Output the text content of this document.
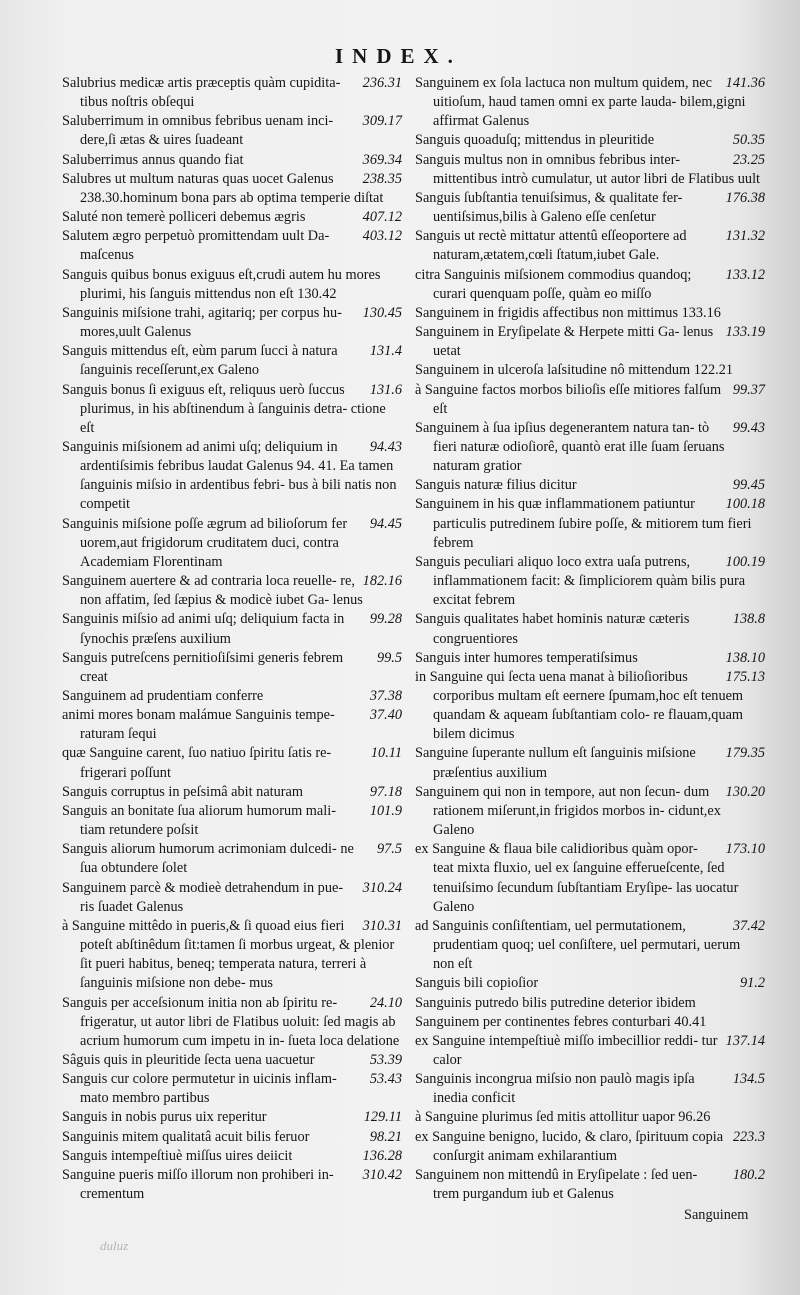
INDEX.

236.31
Salubrius medicæ artis præceptis quàm cupidita- tibus noſtris obſequi

309.17
Saluberrimum in omnibus febribus uenam inci- dere,ſi ætas & uires ſuadeant

369.34
Saluberrimus annus quando fiat

238.35
Salubres ut multum naturas quas uocet Galenus 238.30.hominum bona pars ab optima temperie diſtat

407.12
Saluté non temerè polliceri debemus ægris

403.12
Salutem ægro perpetuò promittendam uult Da- maſcenus

Sanguis quibus bonus exiguus eſt,crudi autem hu mores plurimi, his ſanguis mittendus non eſt 130.42

130.45
Sanguinis miſsione trahi, agitariq; per corpus hu- mores,uult Galenus

131.4
Sanguis mittendus eſt, eùm parum ſucci à natura ſanguinis receſſerunt,ex Galeno

131.6
Sanguis bonus ſi exiguus eſt, reliquus uerò ſuccus plurimus, in his abſtinendum à ſanguinis detra- ctione eſt

94.43
Sanguinis miſsionem ad animi uſq; deliquium in ardentiſsimis febribus laudat Galenus 94. 41. Ea tamen ſanguinis miſsio in ardentibus febri- bus à bili natis non competit

94.45
Sanguinis miſsione poſſe ægrum ad bilioſorum fer uorem,aut frigidorum cruditatem duci, contra Academiam Florentinam

182.16
Sanguinem auertere & ad contraria loca reuelle- re, non affatim, ſed ſæpius & modicè iubet Ga- lenus

99.28
Sanguinis miſsio ad animi uſq; deliquium facta in ſynochis præſens auxilium

99.5
Sanguis putreſcens pernitioſiſsimi generis febrem creat

37.38
Sanguinem ad prudentiam conferre

37.40
animi mores bonam malámue Sanguinis tempe- raturam ſequi

10.11
quæ Sanguine carent, ſuo natiuo ſpiritu ſatis re- frigerari poſſunt

97.18
Sanguis corruptus in peſsimâ abit naturam

101.9
Sanguis an bonitate ſua aliorum humorum mali- tiam retundere poſsit

97.5
Sanguis aliorum humorum acrimoniam dulcedi- ne ſua obtundere ſolet

310.24
Sanguinem parcè & modieè detrahendum in pue- ris ſuadet Galenus

310.31
à Sanguine mittêdo in pueris,& ſi quoad eius fieri poteſt abſtinêdum ſit:tamen ſi morbus urgeat, & plenior ſit pueri habitus, beneq; temperata natura, terreri à ſanguinis miſsione non debe- mus

24.10
Sanguis per acceſsionum initia non ab ſpiritu re- frigeratur, ut autor libri de Flatibus uoluit: ſed magis ab acrium humorum cum impetu in in- ſueta loca delatione

53.39
Sâguis quis in pleuritide ſecta uena uacuetur

53.43
Sanguis cur colore permutetur in uicinis inflam- mato membro partibus

129.11
Sanguis in nobis purus uix reperitur

98.21
Sanguinis mitem qualitatâ acuit bilis feruor

136.28
Sanguis intempeſtiuè miſſus uires deiicit

310.42
Sanguine pueris miſſo illorum non prohiberi in- crementum

141.36
Sanguinem ex ſola lactuca non multum quidem, nec uitioſum, haud tamen omni ex parte lauda- bilem,gigni affirmat Galenus

50.35
Sanguis quoaduſq; mittendus in pleuritide

23.25
Sanguis multus non in omnibus febribus inter- mittentibus intrò cumulatur, ut autor libri de Flatibus uult

176.38
Sanguis ſubſtantia tenuiſsimus, & qualitate fer- uentiſsimus,bilis à Galeno eſſe cenſetur

131.32
Sanguis ut rectè mittatur attentû eſſeoportere ad naturam,ætatem,cœli ſtatum,iubet Gale.

133.12
citra Sanguinis miſsionem commodius quandoq; curari quenquam poſſe, quàm eo miſſo

Sanguinem in frigidis affectibus non mittimus 133.16

133.19
Sanguinem in Eryſipelate & Herpete mitti Ga- lenus uetat

Sanguinem in ulceroſa laſsitudine nô mittendum 122.21

99.37
à Sanguine factos morbos bilioſis eſſe mitiores falſum eſt

99.43
Sanguinem à ſua ipſius degenerantem natura tan- tò fieri naturæ odioſiorê, quantò erat ille ſuam ſeruans naturam gratior

99.45
Sanguis naturæ filius dicitur

100.18
Sanguinem in his quæ inflammationem patiuntur particulis putredinem ſubire poſſe, & mitiorem tum fieri febrem

100.19
Sanguis peculiari aliquo loco extra uaſa putrens, inflammationem facit: & ſimpliciorem quàm bilis pura excitat febrem

138.8
Sanguis qualitates habet hominis naturæ cæteris congruentiores

138.10
Sanguis inter humores temperatiſsimus

175.13
in Sanguine qui ſecta uena manat à bilioſioribus corporibus multam eſt eernere ſpumam,hoc eſt tenuem quandam & aqueam ſubſtantiam colo- re flauam,quam bilem dicimus

179.35
Sanguine ſuperante nullum eſt ſanguinis miſsione præſentius auxilium

130.20
Sanguinem qui non in tempore, aut non ſecun- dum rationem miſerunt,in frigidos morbos in- cidunt,ex Galeno

173.10
ex Sanguine & flaua bile calidioribus quàm opor- teat mixta fluxio, uel ex ſanguine efferueſcente, ſed tenuiſsimo ſecundum ſubſtantiam Eryſipe- las uocatur Galeno

37.42
ad Sanguinis conſiſtentiam, uel permutationem, prudentiam quoq; uel conſiſtere, uel permutari, uerum non eſt

91.2
Sanguis bili copioſior

Sanguinis putredo bilis putredine deterior ibidem

Sanguinem per continentes febres conturbari 40.41

137.14
ex Sanguine intempeſtiuè miſſo imbecillior reddi- tur calor

134.5
Sanguinis incongrua miſsio non paulò magis ipſa inedia conficit

à Sanguine plurimus ſed mitis attollitur uapor 96.26

223.3
ex Sanguine benigno, lucido, & claro, ſpirituum copia conſurgit animam exhilarantium

180.2
Sanguinem non mittendû in Eryſipelate : ſed uen- trem purgandum iub et Galenus

Sanguinem
duluz
